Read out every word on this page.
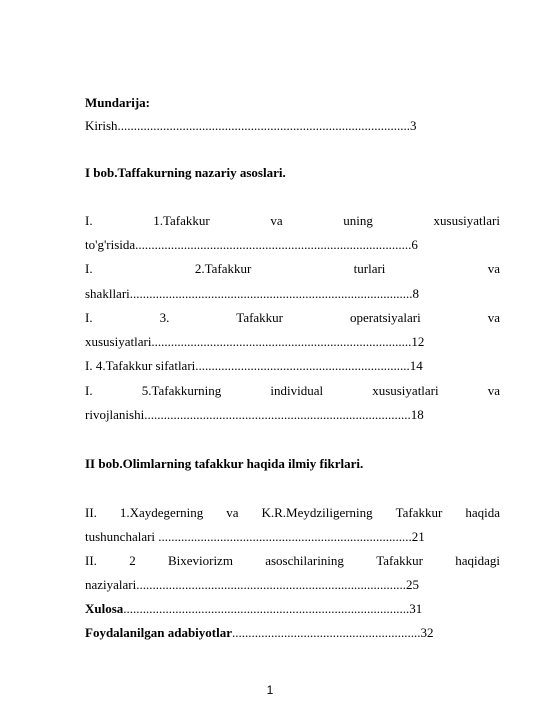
Mundarija:
Kirish..........................................................................................3
I bob.Taffakurning nazariy asoslari.
I.	1.Tafakkur	va	uning	xususiyatlari
to'g'risida.....................................................................................6
I.	2.Tafakkur	turlari	va
shakllari.......................................................................................8
I.	3.	Tafakkur	operatsiyalari	va
xususiyatlari................................................................................12
I. 4.Tafakkur sifatlari..................................................................14
I.	5.Tafakkurning	individual	xususiyatlari	va
rivojlanishi..................................................................................18
II bob.Olimlarning tafakkur haqida ilmiy fikrlari.
II. 1.Xaydegerning va K.R.Meydziligerning Tafakkur haqida
tushunchalari ..............................................................................21
II. 2 Bixeviorizm asoschilarining Tafakkur haqidagi
naziyalari...................................................................................25
Xulosa........................................................................................31
Foydalanilgan adabiyotlar..........................................................32
1
